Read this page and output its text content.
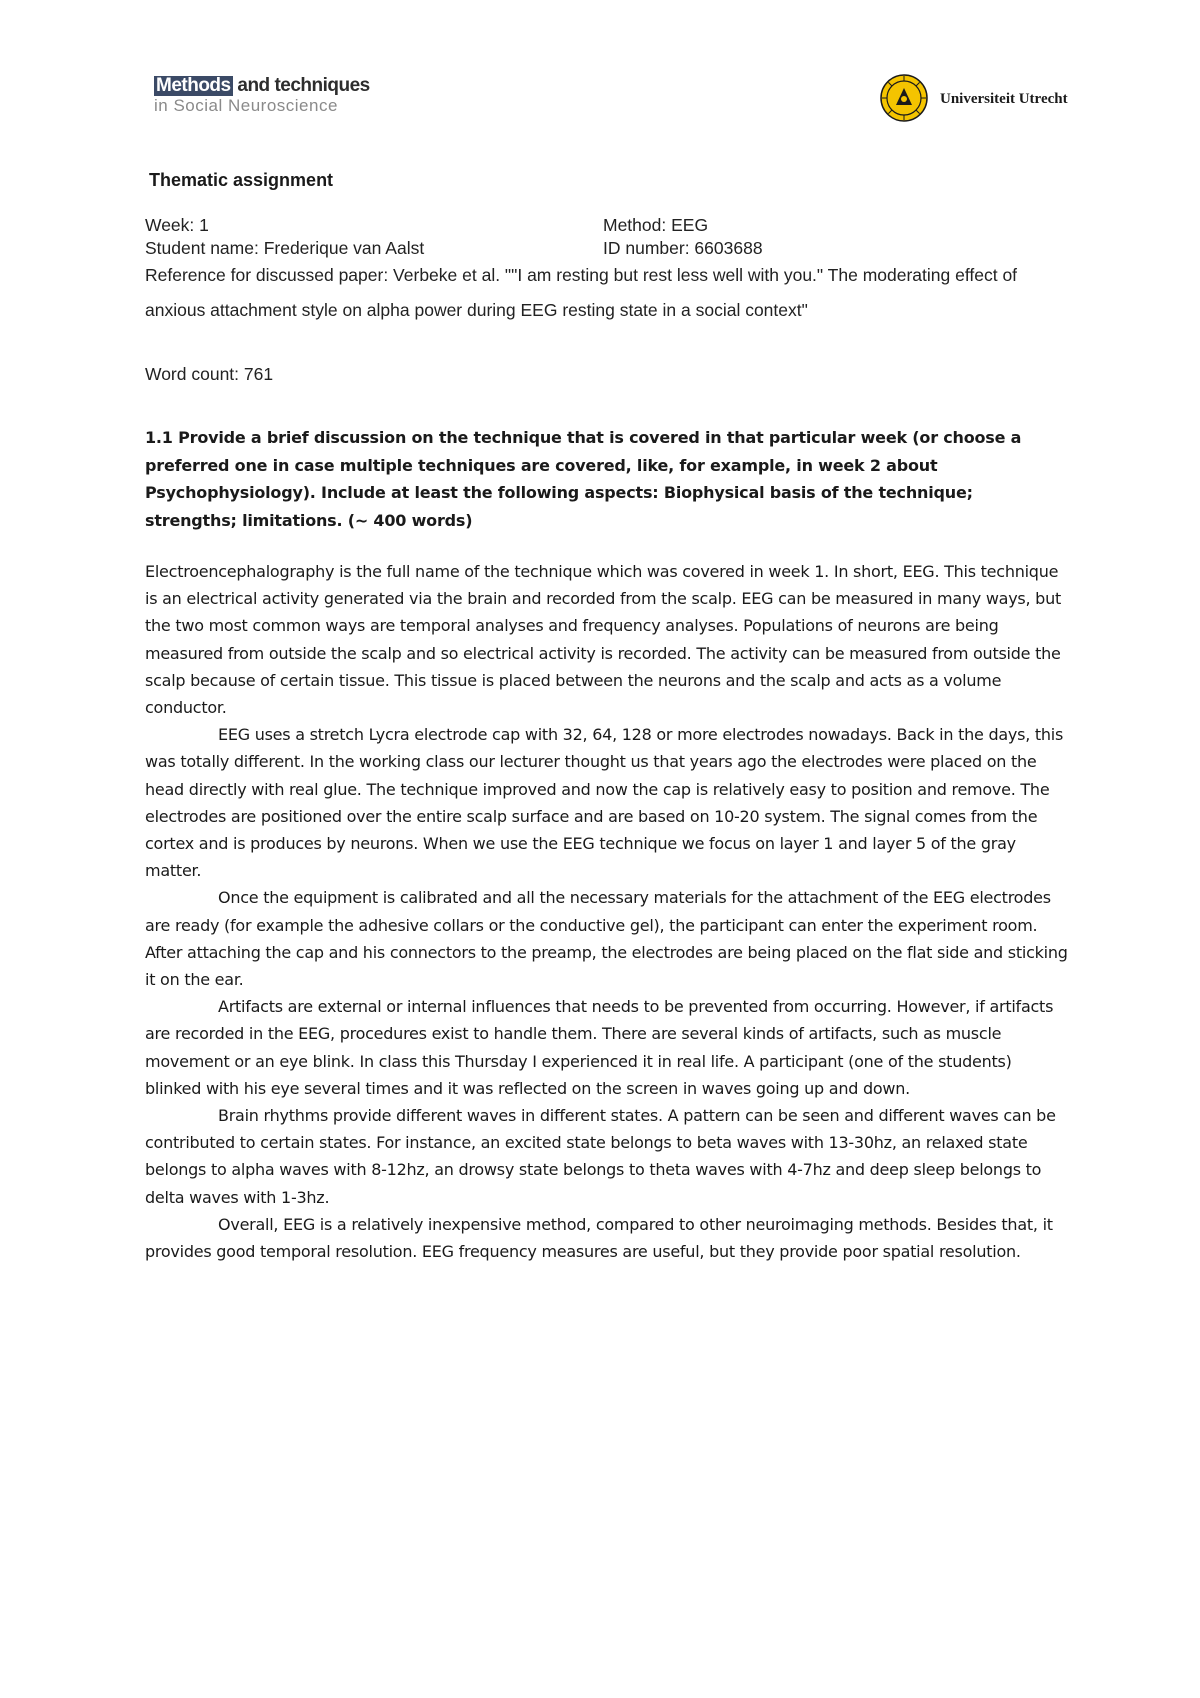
Methods and techniques
in Social Neuroscience	Universiteit Utrecht
Thematic assignment
Week: 1	Method: EEG
Student name: Frederique van Aalst	ID number: 6603688
Reference for discussed paper: Verbeke et al. ""I am resting but rest less well with you." The moderating effect of anxious attachment style on alpha power during EEG resting state in a social context"
Word count: 761
1.1 Provide a brief discussion on the technique that is covered in that particular week (or choose a preferred one in case multiple techniques are covered, like, for example, in week 2 about Psychophysiology). Include at least the following aspects: Biophysical basis of the technique; strengths; limitations. (~ 400 words)

Electroencephalography is the full name of the technique which was covered in week 1. In short, EEG. This technique is an electrical activity generated via the brain and recorded from the scalp. EEG can be measured in many ways, but the two most common ways are temporal analyses and frequency analyses. Populations of neurons are being measured from outside the scalp and so electrical activity is recorded. The activity can be measured from outside the scalp because of certain tissue. This tissue is placed between the neurons and the scalp and acts as a volume conductor.

EEG uses a stretch Lycra electrode cap with 32, 64, 128 or more electrodes nowadays. Back in the days, this was totally different. In the working class our lecturer thought us that years ago the electrodes were placed on the head directly with real glue. The technique improved and now the cap is relatively easy to position and remove. The electrodes are positioned over the entire scalp surface and are based on 10-20 system. The signal comes from the cortex and is produces by neurons. When we use the EEG technique we focus on layer 1 and layer 5 of the gray matter.

Once the equipment is calibrated and all the necessary materials for the attachment of the EEG electrodes are ready (for example the adhesive collars or the conductive gel), the participant can enter the experiment room. After attaching the cap and his connectors to the preamp, the electrodes are being placed on the flat side and sticking it on the ear.

Artifacts are external or internal influences that needs to be prevented from occurring. However, if artifacts are recorded in the EEG, procedures exist to handle them. There are several kinds of artifacts, such as muscle movement or an eye blink. In class this Thursday I experienced it in real life. A participant (one of the students) blinked with his eye several times and it was reflected on the screen in waves going up and down.

Brain rhythms provide different waves in different states. A pattern can be seen and different waves can be contributed to certain states. For instance, an excited state belongs to beta waves with 13-30hz, an relaxed state belongs to alpha waves with 8-12hz, an drowsy state belongs to theta waves with 4-7hz and deep sleep belongs to delta waves with 1-3hz.

Overall, EEG is a relatively inexpensive method, compared to other neuroimaging methods. Besides that, it provides good temporal resolution. EEG frequency measures are useful, but they provide poor spatial resolution.
